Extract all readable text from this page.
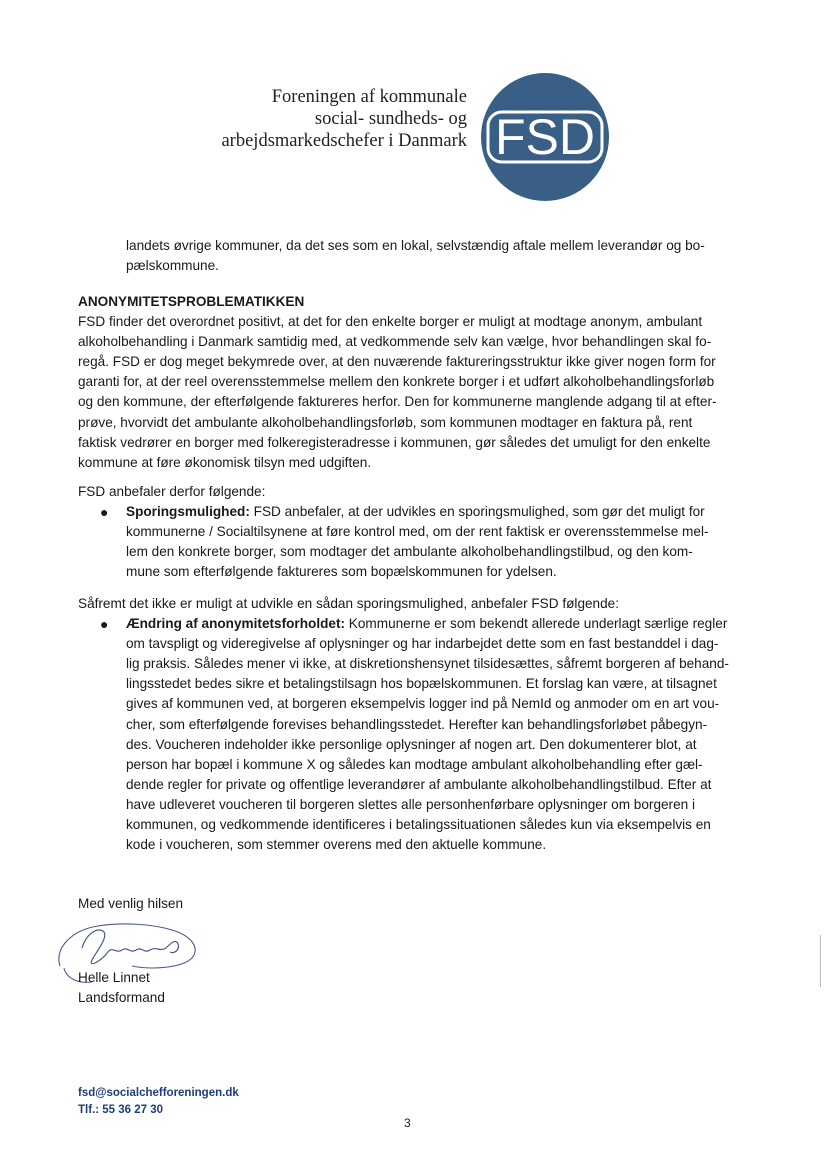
Foreningen af kommunale
social- sundheds- og
arbejdsmarkedschefer i Danmark FSD
landets øvrige kommuner, da det ses som en lokal, selvstændig aftale mellem leverandør og bo-
pælskommune.
ANONYMITETSPROBLEMATIKKEN
FSD finder det overordnet positivt, at det for den enkelte borger er muligt at modtage anonym, ambulant
alkoholbehandling i Danmark samtidig med, at vedkommende selv kan vælge, hvor behandlingen skal fo-
regå. FSD er dog meget bekymrede over, at den nuværende faktureringsstruktur ikke giver nogen form for
garanti for, at der reel overensstemmelse mellem den konkrete borger i et udført alkoholbehandlingsforløb
og den kommune, der efterfølgende faktureres herfor. Den for kommunerne manglende adgang til at efter-
prøve, hvorvidt det ambulante alkoholbehandlingsforløb, som kommunen modtager en faktura på, rent
faktisk vedrører en borger med folkeregisteradresse i kommunen, gør således det umuligt for den enkelte
kommune at føre økonomisk tilsyn med udgiften.
FSD anbefaler derfor følgende:
● Sporingsmulighed: FSD anbefaler, at der udvikles en sporingsmulighed, som gør det muligt for
kommunerne / Socialtilsynene at føre kontrol med, om der rent faktisk er overensstemmelse mel-
lem den konkrete borger, som modtager det ambulante alkoholbehandlingstilbud, og den kom-
mune som efterfølgende faktureres som bopælskommunen for ydelsen.
Såfremt det ikke er muligt at udvikle en sådan sporingsmulighed, anbefaler FSD følgende:
● Ændring af anonymitetsforholdet: Kommunerne er som bekendt allerede underlagt særlige regler
om tavspligt og videregivelse af oplysninger og har indarbejdet dette som en fast bestanddel i dag-
lig praksis. Således mener vi ikke, at diskretionshensynet tilsidesættes, såfremt borgeren af behand-
lingsstedet bedes sikre et betalingstilsagn hos bopælskommunen. Et forslag kan være, at tilsagnet
gives af kommunen ved, at borgeren eksempelvis logger ind på NemId og anmoder om en art vou-
cher, som efterfølgende forevises behandlingsstedet. Herefter kan behandlingsforløbet påbegyn-
des. Voucheren indeholder ikke personlige oplysninger af nogen art. Den dokumenterer blot, at
person har bopæl i kommune X og således kan modtage ambulant alkoholbehandling efter gæl-
dende regler for private og offentlige leverandører af ambulante alkoholbehandlingstilbud. Efter at
have udleveret voucheren til borgeren slettes alle personhenførbare oplysninger om borgeren i
kommunen, og vedkommende identificeres i betalingssituationen således kun via eksempelvis en
kode i voucheren, som stemmer overens med den aktuelle kommune.
Med venlig hilsen
Helle Linnet
Landsformand
fsd@socialchefforeningen.dk
Tlf.: 55 36 27 30
3
